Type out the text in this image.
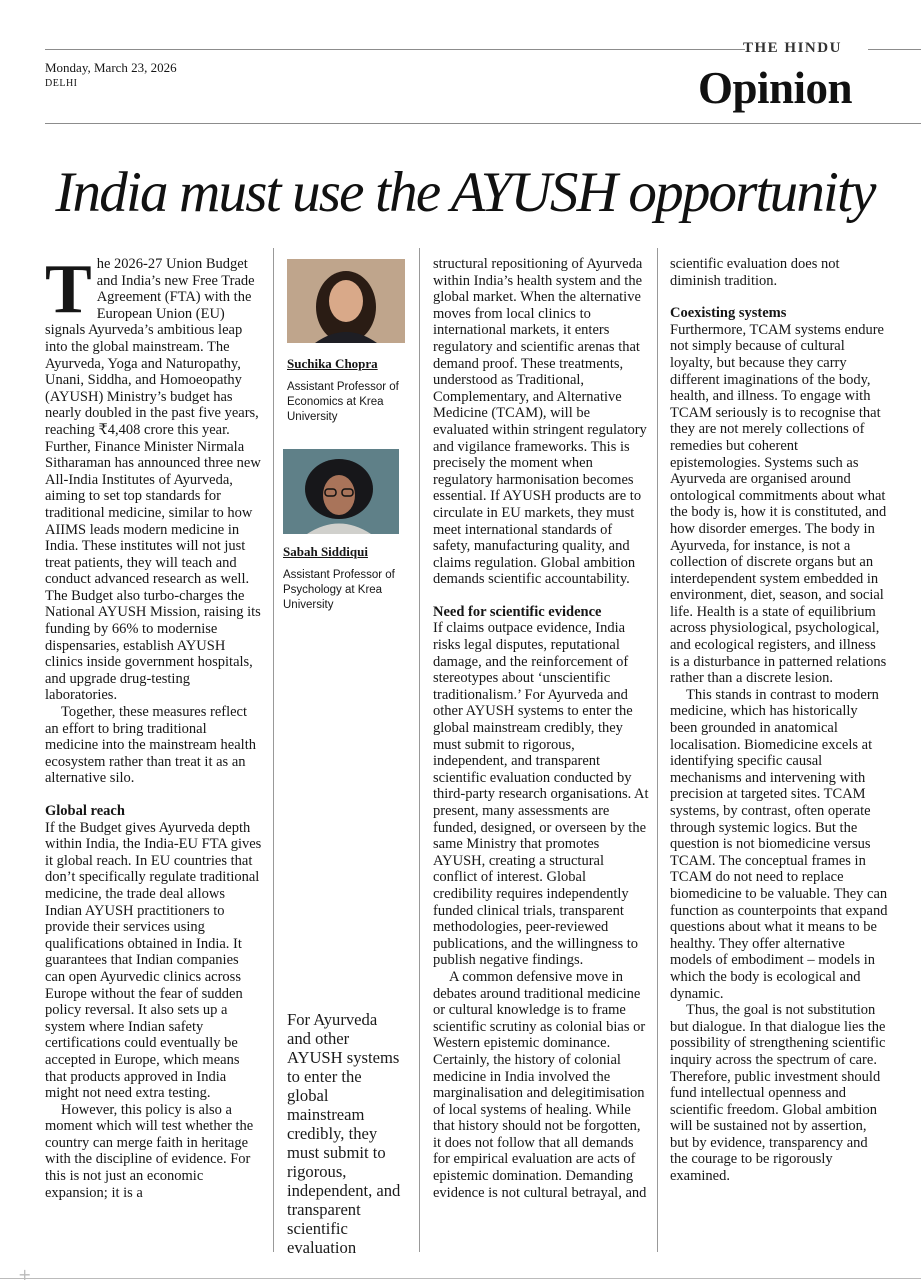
Monday, March 23, 2026
DELHI
THE HINDU
Opinion
India must use the AYUSH opportunity

The 2026-27 Union Budget and India’s new Free Trade Agreement (FTA) with the European Union (EU) signals Ayurveda’s ambitious leap into the global mainstream. The Ayurveda, Yoga and Naturopathy, Unani, Siddha, and Homoeopathy (AYUSH) Ministry’s budget has nearly doubled in the past five years, reaching ₹4,408 crore this year. Further, Finance Minister Nirmala Sitharaman has announced three new All-India Institutes of Ayurveda, aiming to set top standards for traditional medicine, similar to how AIIMS leads modern medicine in India. These institutes will not just treat patients, they will teach and conduct advanced research as well. The Budget also turbo-charges the National AYUSH Mission, raising its funding by 66% to modernise dispensaries, establish AYUSH clinics inside government hospitals, and upgrade drug-testing laboratories.

Together, these measures reflect an effort to bring traditional medicine into the mainstream health ecosystem rather than treat it as an alternative silo.

Global reach

If the Budget gives Ayurveda depth within India, the India-EU FTA gives it global reach. In EU countries that don’t specifically regulate traditional medicine, the trade deal allows Indian AYUSH practitioners to provide their services using qualifications obtained in India. It guarantees that Indian companies can open Ayurvedic clinics across Europe without the fear of sudden policy reversal. It also sets up a system where Indian safety certifications could eventually be accepted in Europe, which means that products approved in India might not need extra testing.

However, this policy is also a moment which will test whether the country can merge faith in heritage with the discipline of evidence. For this is not just an economic expansion; it is a

Suchika Chopra
Assistant Professor of Economics at Krea University
Sabah Siddiqui
Assistant Professor of Psychology at Krea University
For Ayurveda and other AYUSH systems to enter the global mainstream credibly, they must submit to rigorous, independent, and transparent scientific evaluation

structural repositioning of Ayurveda within India’s health system and the global market. When the alternative moves from local clinics to international markets, it enters regulatory and scientific arenas that demand proof. These treatments, understood as Traditional, Complementary, and Alternative Medicine (TCAM), will be evaluated within stringent regulatory and vigilance frameworks. This is precisely the moment when regulatory harmonisation becomes essential. If AYUSH products are to circulate in EU markets, they must meet international standards of safety, manufacturing quality, and claims regulation. Global ambition demands scientific accountability.

Need for scientific evidence

If claims outpace evidence, India risks legal disputes, reputational damage, and the reinforcement of stereotypes about ‘unscientific traditionalism.’ For Ayurveda and other AYUSH systems to enter the global mainstream credibly, they must submit to rigorous, independent, and transparent scientific evaluation conducted by third-party research organisations. At present, many assessments are funded, designed, or overseen by the same Ministry that promotes AYUSH, creating a structural conflict of interest. Global credibility requires independently funded clinical trials, transparent methodologies, peer-reviewed publications, and the willingness to publish negative findings.

A common defensive move in debates around traditional medicine or cultural knowledge is to frame scientific scrutiny as colonial bias or Western epistemic dominance. Certainly, the history of colonial medicine in India involved the marginalisation and delegitimisation of local systems of healing. While that history should not be forgotten, it does not follow that all demands for empirical evaluation are acts of epistemic domination. Demanding evidence is not cultural betrayal, and

scientific evaluation does not diminish tradition.

Coexisting systems

Furthermore, TCAM systems endure not simply because of cultural loyalty, but because they carry different imaginations of the body, health, and illness. To engage with TCAM seriously is to recognise that they are not merely collections of remedies but coherent epistemologies. Systems such as Ayurveda are organised around ontological commitments about what the body is, how it is constituted, and how disorder emerges. The body in Ayurveda, for instance, is not a collection of discrete organs but an interdependent system embedded in environment, diet, season, and social life. Health is a state of equilibrium across physiological, psychological, and ecological registers, and illness is a disturbance in patterned relations rather than a discrete lesion.

This stands in contrast to modern medicine, which has historically been grounded in anatomical localisation. Biomedicine excels at identifying specific causal mechanisms and intervening with precision at targeted sites. TCAM systems, by contrast, often operate through systemic logics. But the question is not biomedicine versus TCAM. The conceptual frames in TCAM do not need to replace biomedicine to be valuable. They can function as counterpoints that expand questions about what it means to be healthy. They offer alternative models of embodiment – models in which the body is ecological and dynamic.

Thus, the goal is not substitution but dialogue. In that dialogue lies the possibility of strengthening scientific inquiry across the spectrum of care. Therefore, public investment should fund intellectual openness and scientific freedom. Global ambition will be sustained not by assertion, but by evidence, transparency and the courage to be rigorously examined.

+
